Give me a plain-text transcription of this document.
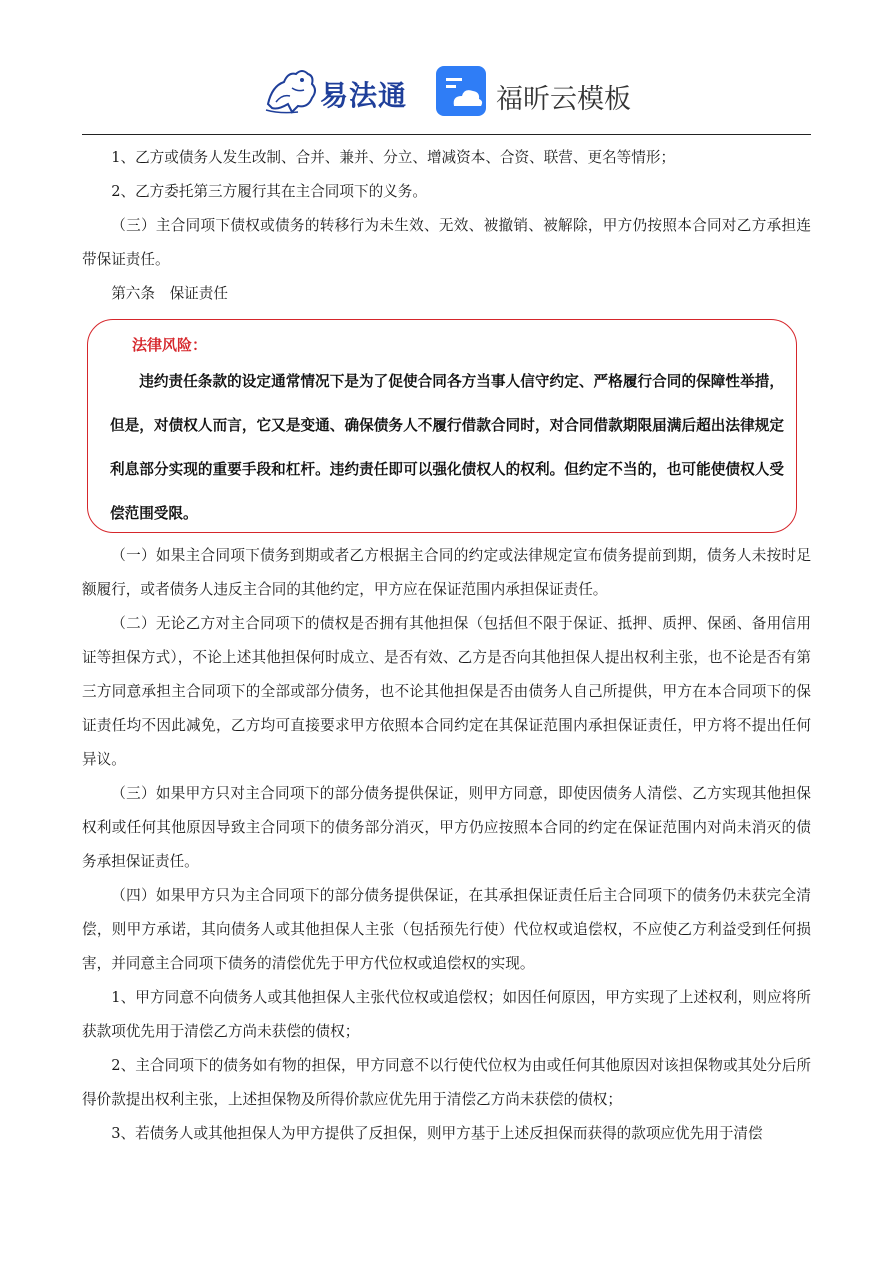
易法通	福昕云模板

1、乙方或债务人发生改制、合并、兼并、分立、增减资本、合资、联营、更名等情形；

2、乙方委托第三方履行其在主合同项下的义务。

（三）主合同项下债权或债务的转移行为未生效、无效、被撤销、被解除，甲方仍按照本合同对乙方承担连带保证责任。

第六条　保证责任

法律风险：

违约责任条款的设定通常情况下是为了促使合同各方当事人信守约定、严格履行合同的保障性举措，但是，对债权人而言，它又是变通、确保债务人不履行借款合同时，对合同借款期限届满后超出法律规定利息部分实现的重要手段和杠杆。违约责任即可以强化债权人的权利。但约定不当的，也可能使债权人受偿范围受限。

（一）如果主合同项下债务到期或者乙方根据主合同的约定或法律规定宣布债务提前到期，债务人未按时足额履行，或者债务人违反主合同的其他约定，甲方应在保证范围内承担保证责任。

（二）无论乙方对主合同项下的债权是否拥有其他担保（包括但不限于保证、抵押、质押、保函、备用信用证等担保方式），不论上述其他担保何时成立、是否有效、乙方是否向其他担保人提出权利主张，也不论是否有第三方同意承担主合同项下的全部或部分债务，也不论其他担保是否由债务人自己所提供，甲方在本合同项下的保证责任均不因此减免，乙方均可直接要求甲方依照本合同约定在其保证范围内承担保证责任，甲方将不提出任何异议。

（三）如果甲方只对主合同项下的部分债务提供保证，则甲方同意，即使因债务人清偿、乙方实现其他担保权利或任何其他原因导致主合同项下的债务部分消灭，甲方仍应按照本合同的约定在保证范围内对尚未消灭的债务承担保证责任。

（四）如果甲方只为主合同项下的部分债务提供保证，在其承担保证责任后主合同项下的债务仍未获完全清偿，则甲方承诺，其向债务人或其他担保人主张（包括预先行使）代位权或追偿权，不应使乙方利益受到任何损害，并同意主合同项下债务的清偿优先于甲方代位权或追偿权的实现。

1、甲方同意不向债务人或其他担保人主张代位权或追偿权；如因任何原因，甲方实现了上述权利，则应将所获款项优先用于清偿乙方尚未获偿的债权；

2、主合同项下的债务如有物的担保，甲方同意不以行使代位权为由或任何其他原因对该担保物或其处分后所得价款提出权利主张，上述担保物及所得价款应优先用于清偿乙方尚未获偿的债权；

3、若债务人或其他担保人为甲方提供了反担保，则甲方基于上述反担保而获得的款项应优先用于清偿
